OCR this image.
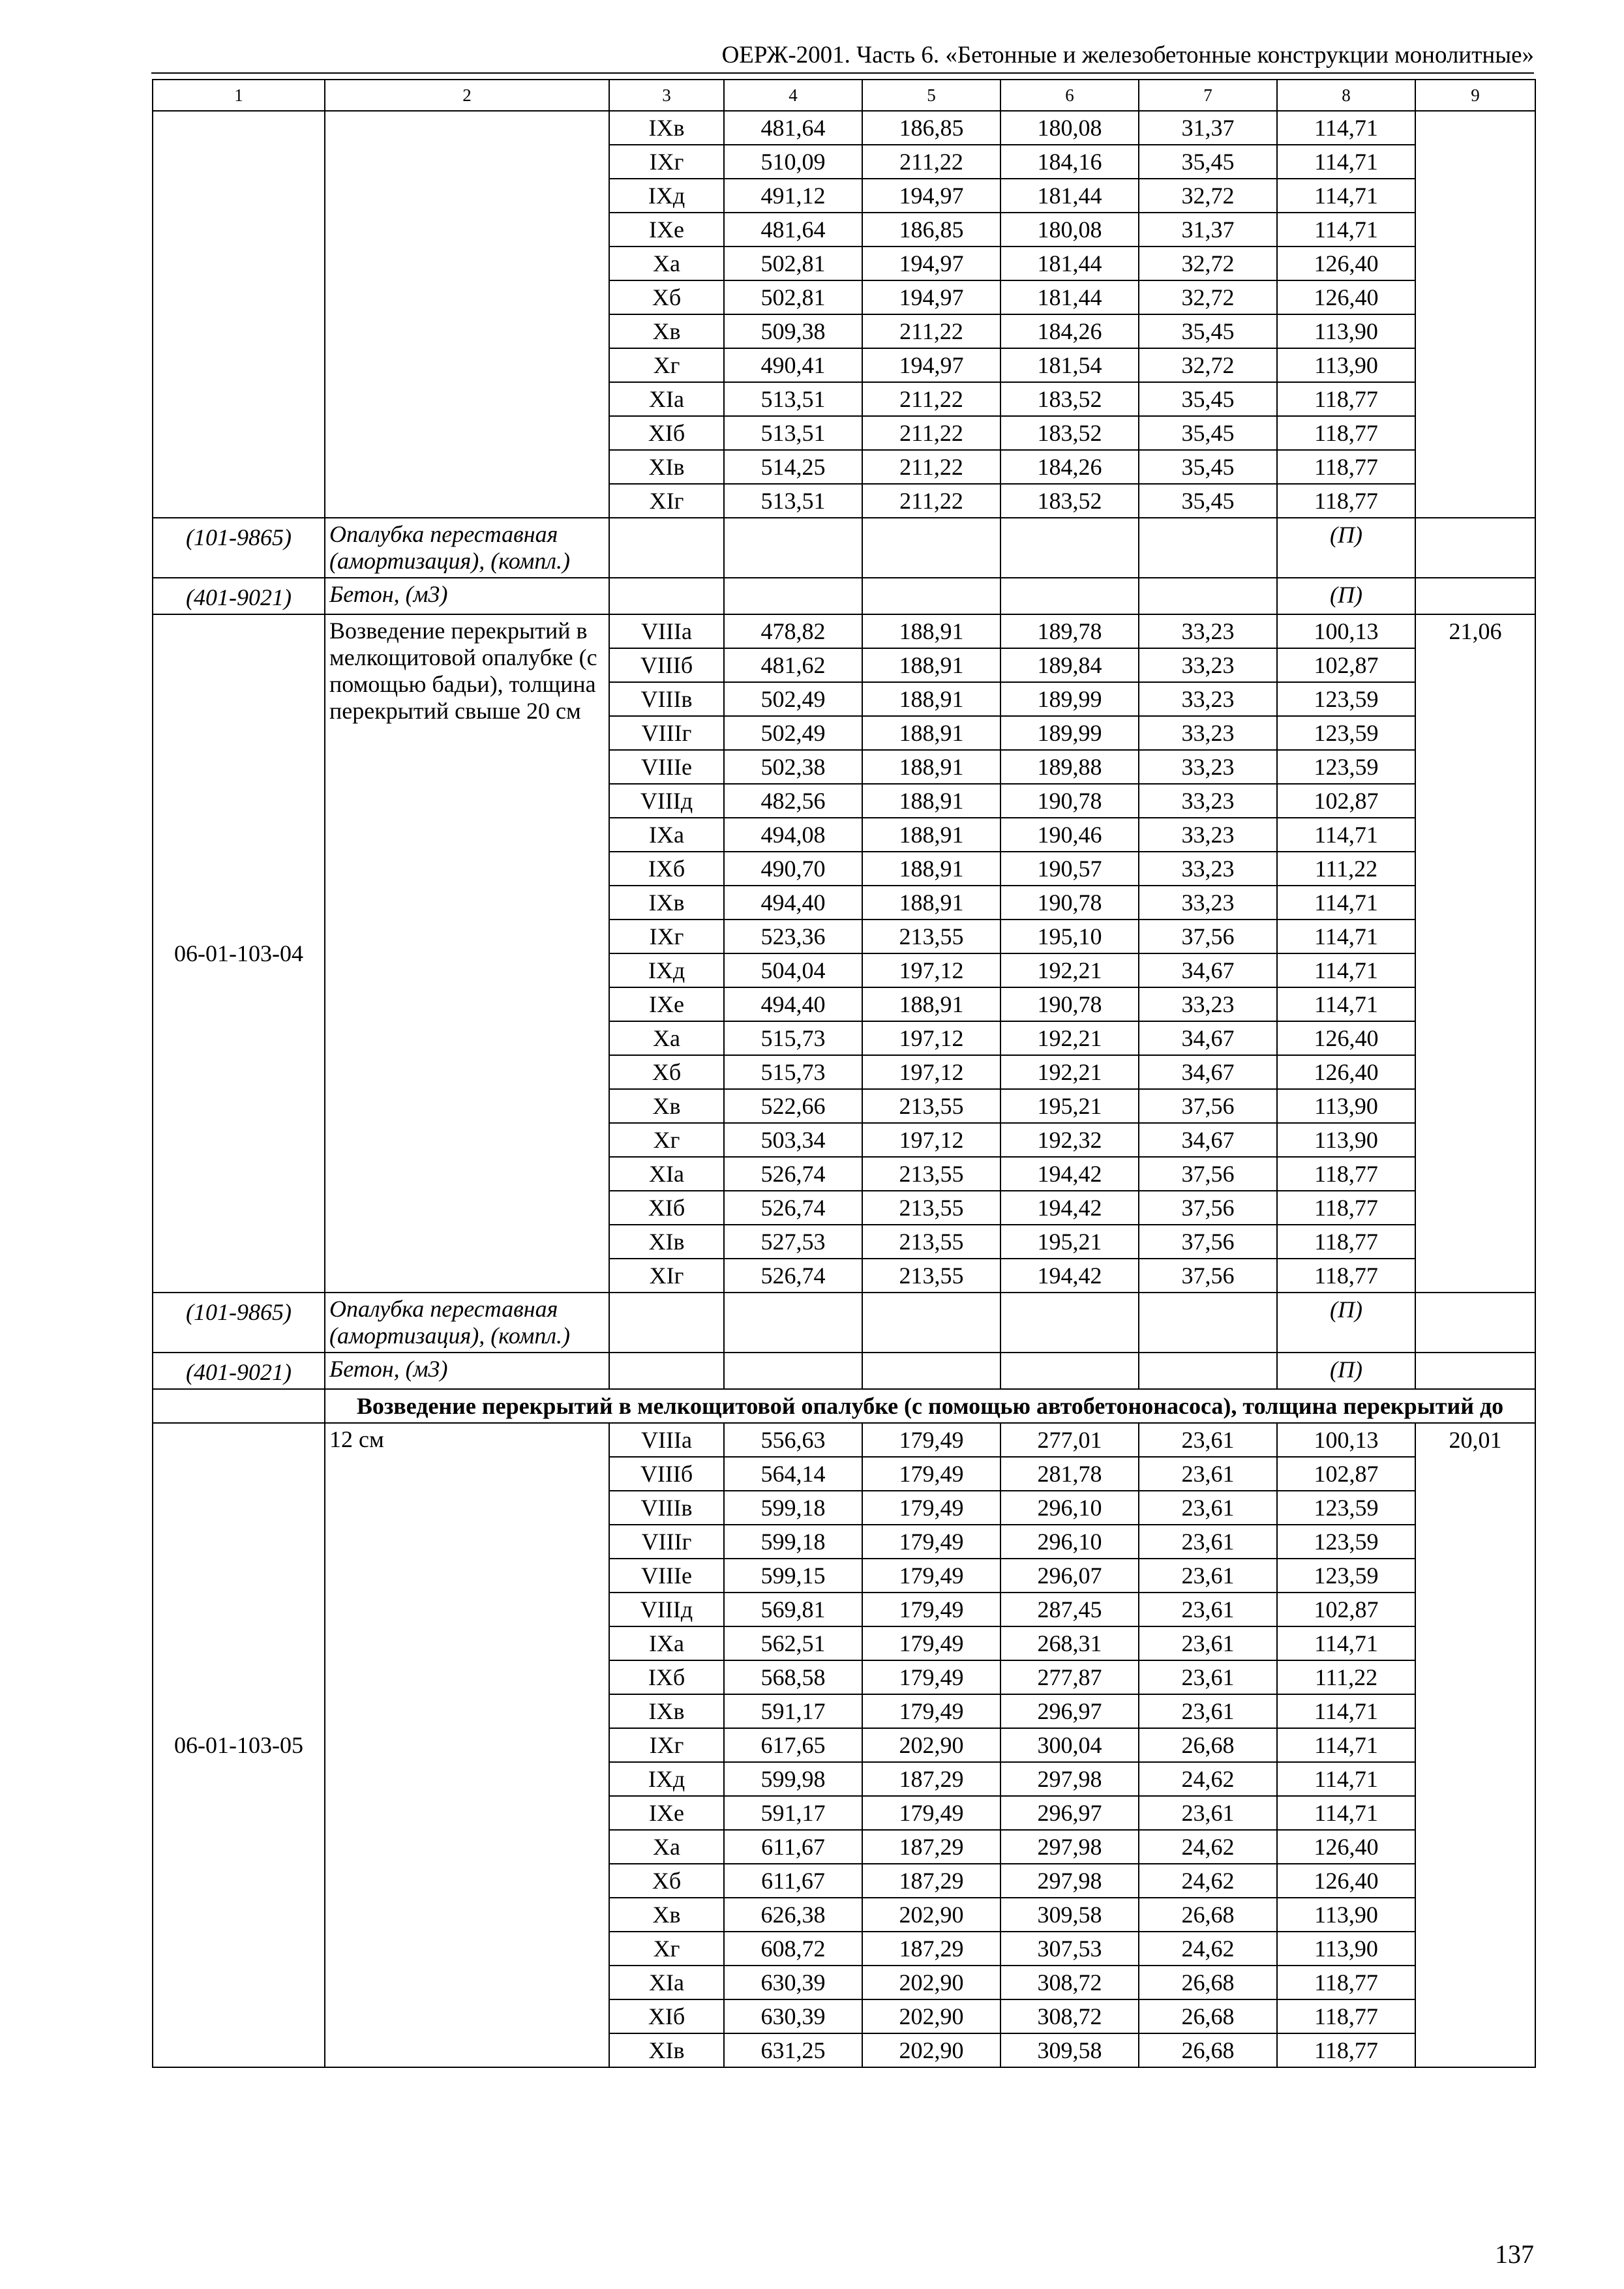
ОЕРЖ-2001. Часть 6. «Бетонные и железобетонные конструкции монолитные»
1	2	3	4	5	6	7	8	9
		IXв	481,64	186,85	180,08	31,37	114,71	
		IXг	510,09	211,22	184,16	35,45	114,71	
		IXд	491,12	194,97	181,44	32,72	114,71	
		IXе	481,64	186,85	180,08	31,37	114,71	
		Xа	502,81	194,97	181,44	32,72	126,40	
		Xб	502,81	194,97	181,44	32,72	126,40	
		Xв	509,38	211,22	184,26	35,45	113,90	
		Xг	490,41	194,97	181,54	32,72	113,90	
		XIа	513,51	211,22	183,52	35,45	118,77	
		XIб	513,51	211,22	183,52	35,45	118,77	
		XIв	514,25	211,22	184,26	35,45	118,77	
		XIг	513,51	211,22	183,52	35,45	118,77	
(101-9865)	Опалубка переставная (амортизация), (компл.)						(П)	
(401-9021)	Бетон, (м3)						(П)	
06-01-103-04	Возведение перекрытий в мелкощитовой опалубке (с помощью бадьи), толщина перекрытий свыше 20 см	VIIIа	478,82	188,91	189,78	33,23	100,13	21,06
		VIIIб	481,62	188,91	189,84	33,23	102,87	
		VIIIв	502,49	188,91	189,99	33,23	123,59	
		VIIIг	502,49	188,91	189,99	33,23	123,59	
		VIIIе	502,38	188,91	189,88	33,23	123,59	
		VIIIд	482,56	188,91	190,78	33,23	102,87	
		IXа	494,08	188,91	190,46	33,23	114,71	
		IXб	490,70	188,91	190,57	33,23	111,22	
		IXв	494,40	188,91	190,78	33,23	114,71	
		IXг	523,36	213,55	195,10	37,56	114,71	
		IXд	504,04	197,12	192,21	34,67	114,71	
		IXе	494,40	188,91	190,78	33,23	114,71	
		Xа	515,73	197,12	192,21	34,67	126,40	
		Xб	515,73	197,12	192,21	34,67	126,40	
		Xв	522,66	213,55	195,21	37,56	113,90	
		Xг	503,34	197,12	192,32	34,67	113,90	
		XIа	526,74	213,55	194,42	37,56	118,77	
		XIб	526,74	213,55	194,42	37,56	118,77	
		XIв	527,53	213,55	195,21	37,56	118,77	
		XIг	526,74	213,55	194,42	37,56	118,77	
(101-9865)	Опалубка переставная (амортизация), (компл.)						(П)	
(401-9021)	Бетон, (м3)						(П)	
	Возведение перекрытий в мелкощитовой опалубке (с помощью автобетононасоса), толщина перекрытий до							
06-01-103-05	12 см	VIIIа	556,63	179,49	277,01	23,61	100,13	20,01
		VIIIб	564,14	179,49	281,78	23,61	102,87	
		VIIIв	599,18	179,49	296,10	23,61	123,59	
		VIIIг	599,18	179,49	296,10	23,61	123,59	
		VIIIе	599,15	179,49	296,07	23,61	123,59	
		VIIIд	569,81	179,49	287,45	23,61	102,87	
		IXа	562,51	179,49	268,31	23,61	114,71	
		IXб	568,58	179,49	277,87	23,61	111,22	
		IXв	591,17	179,49	296,97	23,61	114,71	
		IXг	617,65	202,90	300,04	26,68	114,71	
		IXд	599,98	187,29	297,98	24,62	114,71	
		IXе	591,17	179,49	296,97	23,61	114,71	
		Xа	611,67	187,29	297,98	24,62	126,40	
		Xб	611,67	187,29	297,98	24,62	126,40	
		Xв	626,38	202,90	309,58	26,68	113,90	
		Xг	608,72	187,29	307,53	24,62	113,90	
		XIа	630,39	202,90	308,72	26,68	118,77	
		XIб	630,39	202,90	308,72	26,68	118,77	
		XIв	631,25	202,90	309,58	26,68	118,77	
137
